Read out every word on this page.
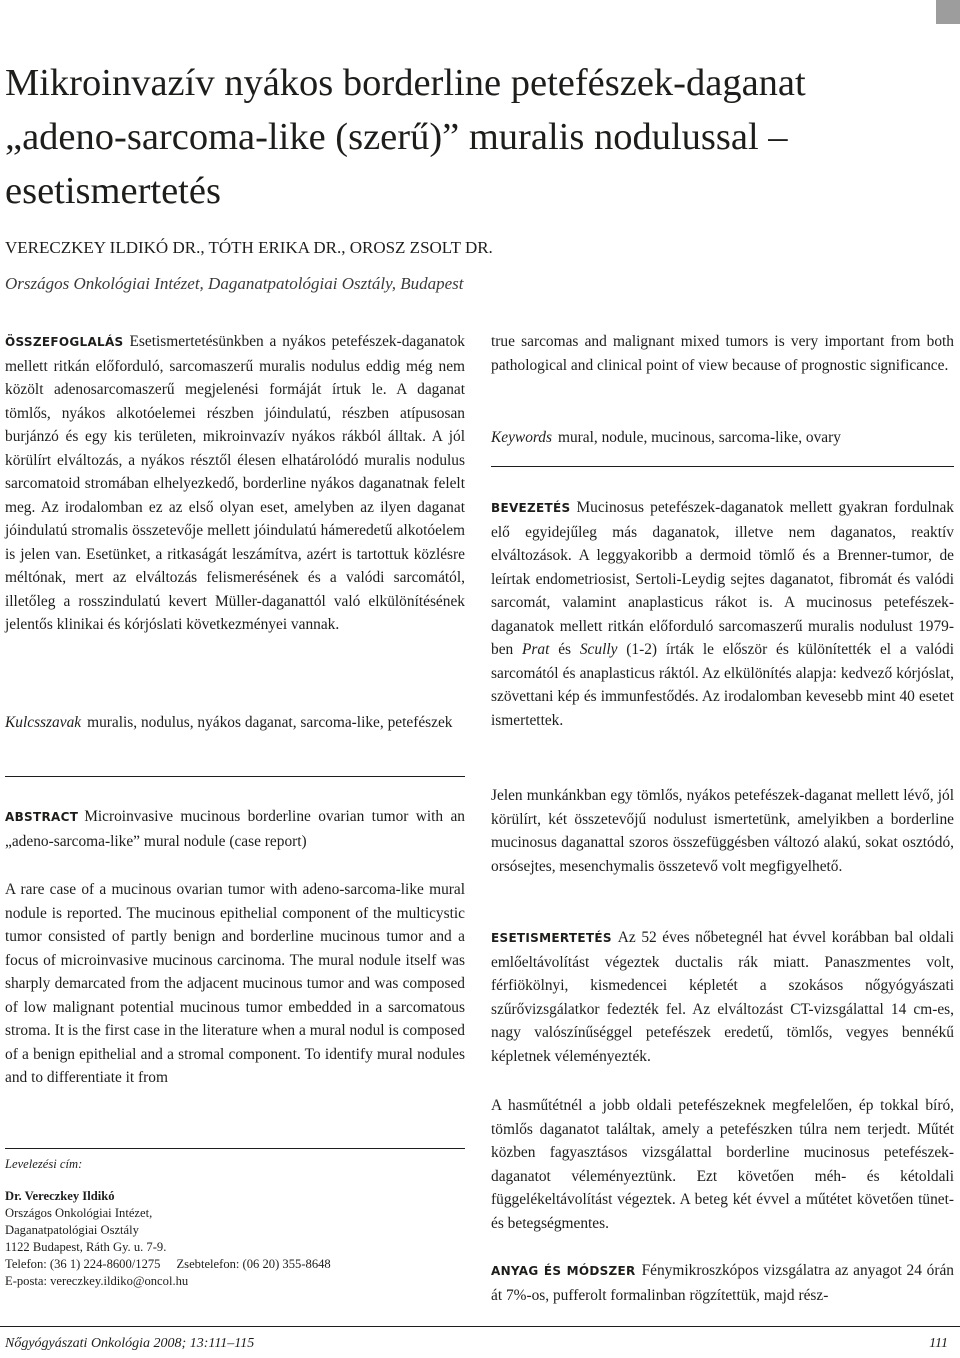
Mikroinvazív nyákos borderline petefészek-daganat
„adeno-sarcoma-like (szerű)” muralis nodulussal –
esetismertetés
VERECZKEY ILDIKÓ DR., TÓTH ERIKA DR., OROSZ ZSOLT DR.
Országos Onkológiai Intézet, Daganatpatológiai Osztály, Budapest

ÖSSZEFOGLALÁS Esetismertetésünkben a nyákos petefészek-daganatok mellett ritkán előforduló, sarcomaszerű muralis nodulus eddig még nem közölt adenosarcomaszerű megjelenési formáját írtuk le. A daganat tömlős, nyákos alkotóelemei részben jóindulatú, részben atípusosan burjánzó és egy kis területen, mikroinvazív nyákos rákból álltak. A jól körülírt elváltozás, a nyákos résztől élesen elhatárolódó muralis nodulus sarcomatoid stromában elhelyezkedő, borderline nyákos daganatnak felelt meg. Az irodalomban ez az első olyan eset, amelyben az ilyen daganat jóindulatú stromalis összetevője mellett jóindulatú hámeredetű alkotóelem is jelen van. Esetünket, a ritkaságát leszámítva, azért is tartottuk közlésre méltónak, mert az elváltozás felismerésének és a valódi sarcomától, illetőleg a rosszindulatú kevert Müller-daganattól való elkülönítésének jelentős klinikai és kórjóslati következményei vannak.

Kulcsszavak muralis, nodulus, nyákos daganat, sarcoma-like, petefészek

ABSTRACT Microinvasive mucinous borderline ovarian tumor with an „adeno-sarcoma-like” mural nodule (case report)

A rare case of a mucinous ovarian tumor with adeno-sarcoma-like mural nodule is reported. The mucinous epithelial component of the multicystic tumor consisted of partly benign and borderline mucinous tumor and a focus of microinvasive mucinous carcinoma. The mural nodule itself was sharply demarcated from the adjacent mucinous tumor and was composed of low malignant potential mucinous tumor embedded in a sarcomatous stroma. It is the first case in the literature when a mural nodul is composed of a benign epithelial and a stromal component. To identify mural nodules and to differentiate it from

Levelezési cím:
Dr. Vereczkey Ildikó
Országos Onkológiai Intézet,
Daganatpatológiai Osztály
1122 Budapest, Ráth Gy. u. 7-9.
Telefon: (36 1) 224-8600/1275 Zsebtelefon: (06 20) 355-8648
E-posta: vereczkey.ildiko@oncol.hu

true sarcomas and malignant mixed tumors is very important from both pathological and clinical point of view because of prognostic significance.

Keywords mural, nodule, mucinous, sarcoma-like, ovary

BEVEZETÉS Mucinosus petefészek-daganatok mellett gyakran fordulnak elő egyidejűleg más daganatok, illetve nem daganatos, reaktív elváltozások. A leggyakoribb a dermoid tömlő és a Brenner-tumor, de leírtak endometriosist, Sertoli-Leydig sejtes daganatot, fibromát és valódi sarcomát, valamint anaplasticus rákot is. A mucinosus petefészek-daganatok mellett ritkán előforduló sarcomaszerű muralis nodulust 1979-ben Prat és Scully (1-2) írták le először és különítették el a valódi sarcomától és anaplasticus ráktól. Az elkülönítés alapja: kedvező kórjóslat, szövettani kép és immunfestődés. Az irodalomban kevesebb mint 40 esetet ismertettek.

Jelen munkánkban egy tömlős, nyákos petefészek-daganat mellett lévő, jól körülírt, két összetevőjű nodulust ismertetünk, amelyikben a borderline mucinosus daganattal szoros összefüggésben változó alakú, sokat osztódó, orsósejtes, mesenchymalis összetevő volt megfigyelhető.

ESETISMERTETÉS Az 52 éves nőbetegnél hat évvel korábban bal oldali emlőeltávolítást végeztek ductalis rák miatt. Panaszmentes volt, férfiökölnyi, kismedencei képletét a szokásos nőgyógyászati szűrővizsgálatkor fedezték fel. Az elváltozást CT-vizsgálattal 14 cm-es, nagy valószínűséggel petefészek eredetű, tömlős, vegyes bennékű képletnek véleményezték.

A hasműtétnél a jobb oldali petefészeknek megfelelően, ép tokkal bíró, tömlős daganatot találtak, amely a petefészken túlra nem terjedt. Műtét közben fagyasztásos vizsgálattal borderline mucinosus petefészek-daganatot véleményeztünk. Ezt követően méh- és kétoldali függelékeltávolítást végeztek. A beteg két évvel a műtétet követően tünet- és betegségmentes.

ANYAG ÉS MÓDSZER Fénymikroszkópos vizsgálatra az anyagot 24 órán át 7%-os, pufferolt formalinban rögzítettük, majd rész-

Nőgyógyászati Onkológia 2008; 13:111–115	111
